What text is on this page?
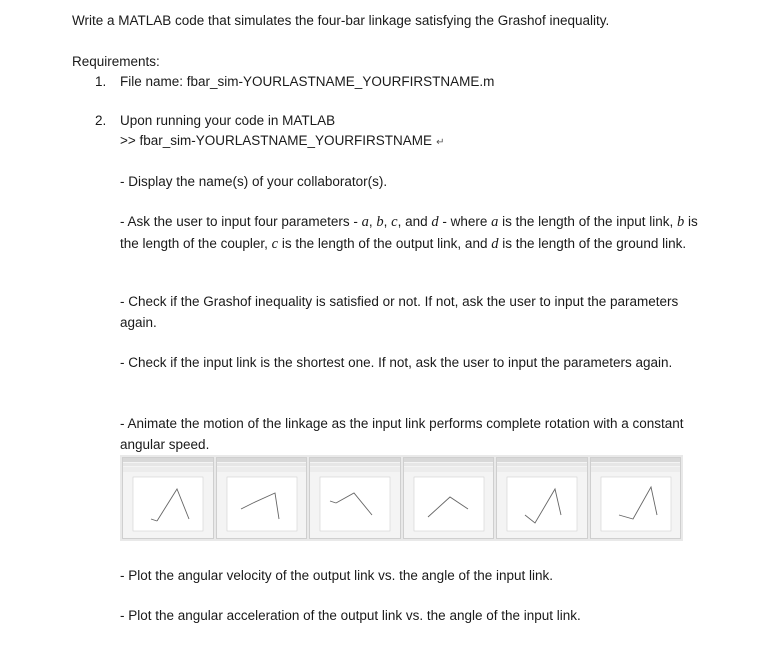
Write a MATLAB code that simulates the four-bar linkage satisfying the Grashof inequality.
Requirements:
1. File name: fbar_sim-YOURLASTNAME_YOURFIRSTNAME.m
2. Upon running your code in MATLAB
>> fbar_sim-YOURLASTNAME_YOURFIRSTNAME ↵
- Display the name(s) of your collaborator(s).
- Ask the user to input four parameters - a, b, c, and d - where a is the length of the input link, b is the length of the coupler, c is the length of the output link, and d is the length of the ground link.
- Check if the Grashof inequality is satisfied or not. If not, ask the user to input the parameters again.
- Check if the input link is the shortest one. If not, ask the user to input the parameters again.
- Animate the motion of the linkage as the input link performs complete rotation with a constant angular speed.
- Plot the angular velocity of the output link vs. the angle of the input link.
- Plot the angular acceleration of the output link vs. the angle of the input link.
